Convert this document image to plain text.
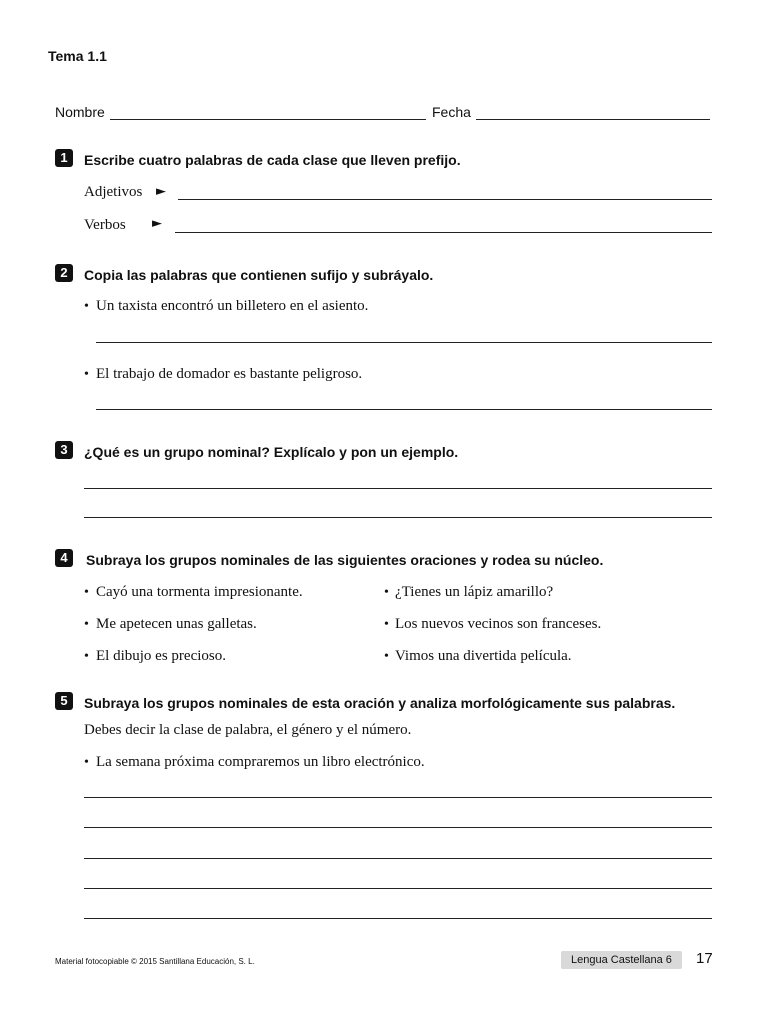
Tema 1.1
Nombre	Fecha
1	Escribe cuatro palabras de cada clase que lleven prefijo.
Adjetivos ►
Verbos ►
2	Copia las palabras que contienen sufijo y subráyalo.
• Un taxista encontró un billetero en el asiento.
• El trabajo de domador es bastante peligroso.
3	¿Qué es un grupo nominal? Explícalo y pon un ejemplo.
4	Subraya los grupos nominales de las siguientes oraciones y rodea su núcleo.
• Cayó una tormenta impresionante.
• Me apetecen unas galletas.
• El dibujo es precioso.
• ¿Tienes un lápiz amarillo?
• Los nuevos vecinos son franceses.
• Vimos una divertida película.
5	Subraya los grupos nominales de esta oración y analiza morfológicamente sus palabras.
Debes decir la clase de palabra, el género y el número.
• La semana próxima compraremos un libro electrónico.
Material fotocopiable © 2015 Santillana Educación, S. L.	Lengua Castellana 6	17
